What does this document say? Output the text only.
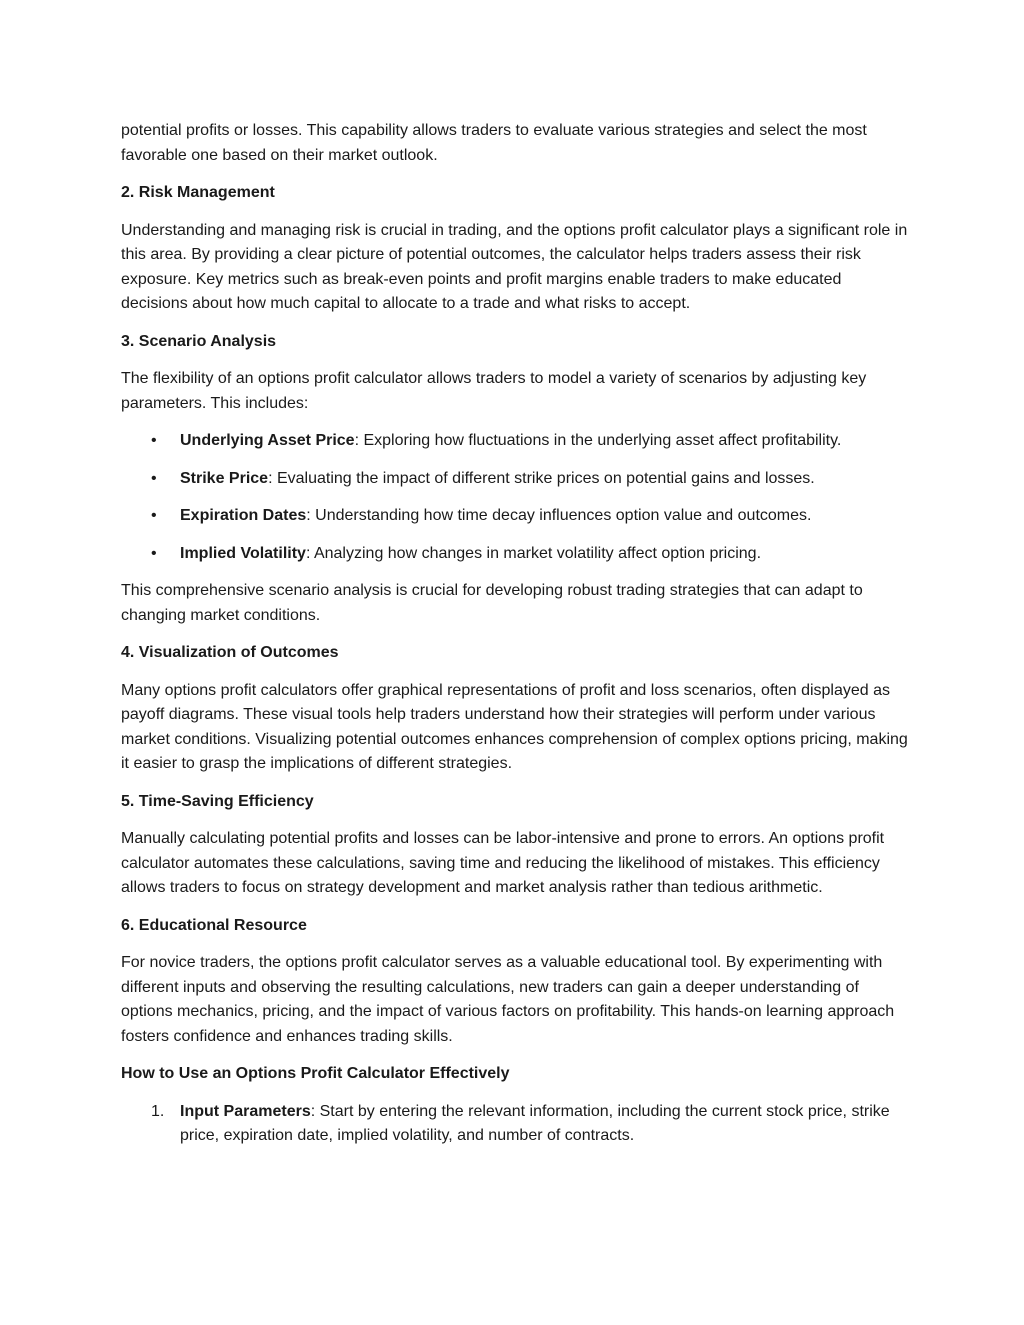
potential profits or losses. This capability allows traders to evaluate various strategies and select the most favorable one based on their market outlook.

2. Risk Management

Understanding and managing risk is crucial in trading, and the options profit calculator plays a significant role in this area. By providing a clear picture of potential outcomes, the calculator helps traders assess their risk exposure. Key metrics such as break-even points and profit margins enable traders to make educated decisions about how much capital to allocate to a trade and what risks to accept.

3. Scenario Analysis

The flexibility of an options profit calculator allows traders to model a variety of scenarios by adjusting key parameters. This includes:

• Underlying Asset Price: Exploring how fluctuations in the underlying asset affect profitability.
• Strike Price: Evaluating the impact of different strike prices on potential gains and losses.
• Expiration Dates: Understanding how time decay influences option value and outcomes.
• Implied Volatility: Analyzing how changes in market volatility affect option pricing.

This comprehensive scenario analysis is crucial for developing robust trading strategies that can adapt to changing market conditions.

4. Visualization of Outcomes

Many options profit calculators offer graphical representations of profit and loss scenarios, often displayed as payoff diagrams. These visual tools help traders understand how their strategies will perform under various market conditions. Visualizing potential outcomes enhances comprehension of complex options pricing, making it easier to grasp the implications of different strategies.

5. Time-Saving Efficiency

Manually calculating potential profits and losses can be labor-intensive and prone to errors. An options profit calculator automates these calculations, saving time and reducing the likelihood of mistakes. This efficiency allows traders to focus on strategy development and market analysis rather than tedious arithmetic.

6. Educational Resource

For novice traders, the options profit calculator serves as a valuable educational tool. By experimenting with different inputs and observing the resulting calculations, new traders can gain a deeper understanding of options mechanics, pricing, and the impact of various factors on profitability. This hands-on learning approach fosters confidence and enhances trading skills.

How to Use an Options Profit Calculator Effectively
1. Input Parameters: Start by entering the relevant information, including the current stock price, strike price, expiration date, implied volatility, and number of contracts.
